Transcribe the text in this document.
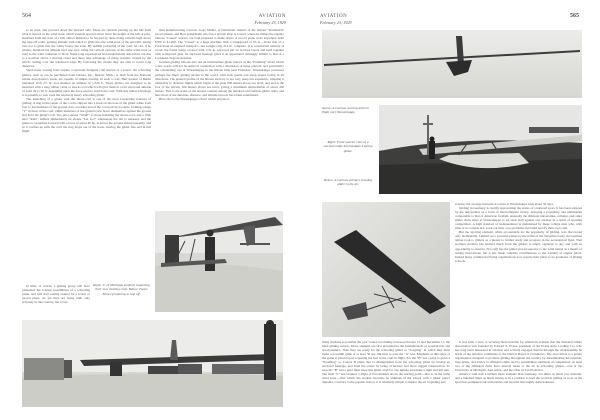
564	AVIATION
February 23, 1929

to its crest, and proceed down the leeward side. These air currents passing up the hill form what is known as the wind zone, which extends upward about twice the height of the hill. A pilot, launched from the crest of a hill, allows himself to be buoyed by these rising currents high above the take-off point, gaining altitude with which to glide into the wind zone of the next hill, taking care not to glide into the valley below the zone. By skillful jockeying of the craft, he can, if he wishes, maintain his altitude over one spot, using the vertical currents of the same wind zone as long as the wind continues to blow. Some long experienced and exceptionally able pilots can rise to a position above a moving cloud and there take advantage of rising currents created by the wind's curling over the windward edge. By following the clouds they are able to travel long distances.

Spectacular soaring feats require a specially designed craft known as a soarer, but schooling gliders, such as can be purchased from Gliders, Inc., Detroit, Mich., or built from the National Glider Association's plans, are capable of simple soaring. In such a craft, Herr Kruase of Berlin remained aloft 2½ hr. and attained an altitude of 1,330 ft. These gliders are designed to be launched with a long rubber cable or shock-cord which will give them in a fair wind and altitude of from 20 to 30 ft. depending upon the force used to stretch the cord. With this initial advantage it is possible to soar even the relatively heavy schooling glider.

The launching of a glider with the shock-cord is one of the most fascinating features of gliding. A ring in the center of the cord is slipped into a hook on the nose of the glider while from four to ten members of the ground crew on either end of the cord pull up its slack, forming a huge "V" in front of the craft. Other members of the ground crew brace themselves against the ground and hold the glider's tail. The pilot shouts "Walk!" to those handling the shock-cord, and a little later "Run!" Almost immediately he shouts "Let Go!" whereupon the tail is released, and the glider is catapulted forward with a force of about 40 hp. It leaves the ground almost instantly, and as it catches up with the cord the ring drops out of the hook, leaving the glider free and in full flight.

In time, of course, a gliding group will have exhausted the soaring possibilities of a schooling plane, and will start casting around for a soarer or record plane. As yet they are being built only privately in this country, but a Ger-

Right: U. of Michigan students inspecting their new training craft. Below: Fance Brown preparing to hop off.

man manufacturing concern, Gogo Muller, at Darmstadt, makers of the famous "Darmstadt" record planes, and Herr Ackermann who has a private shop at Cassel, where he makes the equally famous "Cassel" soarers, are both prepared to make offers. A record plane costs anywhere from $700 to $1,200. The "Cassel" is a huge machine with a wingspread of 63 ft.—about that of a Ford-Stout tri-engined transport—but weighs only 214 lb. complete. It is constructed entirely of wood, the frame being covered with 1/32 in. plywood put on in three layers and held together with waterproof glue. Its enclosed fuselage gives it an appearance strikingly similar to that of a Lockheed-Vega monoplane.

German gliding schools also use an intermediate glider known as the "Pruefling" about which a few words will not be amiss in connection with a discussion of these schools, and particularly the outstanding one at Wasserkuppe in the Rhoen hills near Frankfort. Wasserkuppe possesses perhaps the finest gliding terrain in the world, with both gentle and steep slopes facing in all directions. The general profile of the Rhoen territory is not very steep but expansive, adapting it admirably to distance flights which begin at the peak 938 meters above sea level, and end at the foot of the terrain, 500 meters above sea level, giving a maximum denivellation of about 430 meters. This is the scene of the annual contests among the hundred odd German glider clubs, and here most of the duration, distance, and altitude records have been established.

Here also is the Wasserkuppe school which enrolls as

AVIATION
February 23, 1929
565
Above: A German soaring artist in flight over Wasserkuppe.
Right: Front quarter view of a German made intermediate training glider.
Below: A German primary training glider in the air.

soaring, the average instruction course at Wasserkuppe lasts about 30 days.

Gliding in Germany is rapidly approaching the status of a national sport. It has been adopted by the universities as a form of intercollegiate rivalry, enjoying a popularity and enthusiasm comparable to that of American football. Annually the different universities, colleges, and other glider clubs meet at Wasserkuppe to pit their skill against one another in a spirit of sporting competition. A high standard of independence is maintained by these college men who, with little or no outside aid, work out their own problems and build and fly their own craft.

But the sporting element, while accountable for the popularity of gliding, was discovered only incidentally. Limited as to powered planes by the terms of the Versailles treaty, the German nation took to gliders as a means to further study and progress in the aeronautical field. That German aviation has learned much from the gliders is amply apparent to any one with an opportunity to observe. Not only has the glider proved superior to the wind tunnel as a means of testing innovations, but it has made valuable contributions to the training of engine pilots. Indeed many commercial flying organizations now require their pilots to be graduates of gliding schools.

many students as possible the year 'round, but mainly between October 15 and December 15, the ideal gliding season. These students are first grounded in the fundamentals of construction and aerodynamics. Then they are ready for the schooling glider or "Zoegling" in which they must make a downhill glide of at least 30 sec. duration to pass the "A" test. Emphasis at this stage of the game is placed upon acquiring the feel of the craft in flight. For the "B" test a pilot is given a "Pruefling" or Course B plane that is distinguished from the schooling plane by having an enclosed fuselage, and from the soarer by being of heavier and more rugged construction. To pass his "B" test a pilot must keep this glider aloft for one minute and make a right and left turn. The final "C" test requires a flight of five minutes above the starting point—that is, in the same wind zone—after which the student becomes an alumnus of the school with a glider pilot's diploma. Contrary to the popular notion, it is relatively simple to master the art of gliding and

It was with a view to securing these benefits for American aviation that the National Glider Association was founded by Edward S. Evans, president of the Evans Auto Loading Co., who has long been interested in aviation and actively engaged therein through the chairmanship he holds of the Aviation committee of the Detroit Board of Commerce. The association is a parent organization designed to promote gliding throughout the country by disseminating information, blue-prints, and advice to affiliated clubs, and by establishing standards of competition. At least two of the affiliated clubs have already taken to the air in schooling gliders—one at the University of Michigan, Ann Arbor, and the other in San Francisco.

America with half a million more students than Germany, ten times as much raw material, and a hundred times as much money is in a position to lead the world in gliding as soon as the sport has permeated our universities and become thoroughly Americanized.
